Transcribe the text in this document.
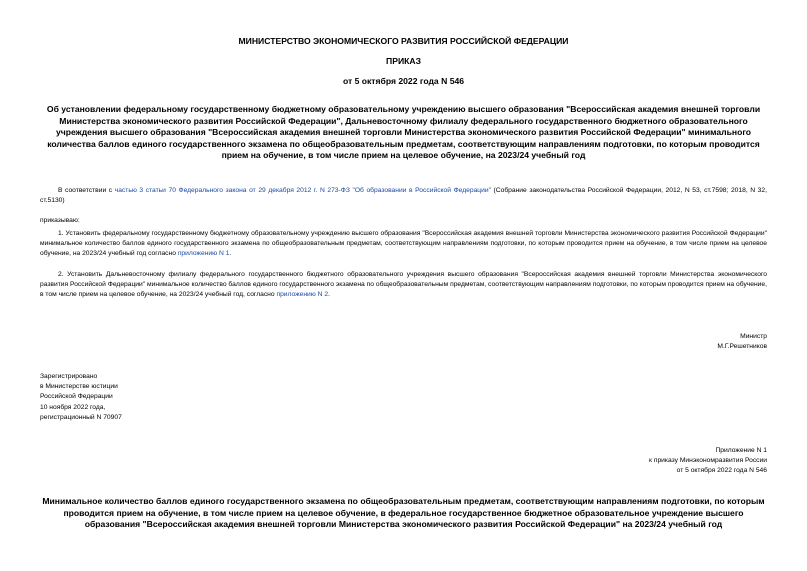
МИНИСТЕРСТВО ЭКОНОМИЧЕСКОГО РАЗВИТИЯ РОССИЙСКОЙ ФЕДЕРАЦИИ

ПРИКАЗ

от 5 октября 2022 года N 546

Об установлении федеральному государственному бюджетному образовательному учреждению высшего образования "Всероссийская академия внешней торговли Министерства экономического развития Российской Федерации", Дальневосточному филиалу федерального государственного бюджетного образовательного учреждения высшего образования "Всероссийская академия внешней торговли Министерства экономического развития Российской Федерации" минимального количества баллов единого государственного экзамена по общеобразовательным предметам, соответствующим направлениям подготовки, по которым проводится прием на обучение, в том числе прием на целевое обучение, на 2023/24 учебный год

В соответствии с частью 3 статьи 70 Федерального закона от 29 декабря 2012 г. N 273-ФЗ "Об образовании в Российской Федерации" (Собрание законодательства Российской Федерации, 2012, N 53, ст.7598; 2018, N 32, ст.5130)

приказываю:

1. Установить федеральному государственному бюджетному образовательному учреждению высшего образования "Всероссийская академия внешней торговли Министерства экономического развития Российской Федерации" минимальное количество баллов единого государственного экзамена по общеобразовательным предметам, соответствующим направлениям подготовки, по которым проводится прием на обучение, в том числе прием на целевое обучение, на 2023/24 учебный год согласно приложению N 1.

2. Установить Дальневосточному филиалу федерального государственного бюджетного образовательного учреждения высшего образования "Всероссийская академия внешней торговли Министерства экономического развития Российской Федерации" минимальное количество баллов единого государственного экзамена по общеобразовательным предметам, соответствующим направлениям подготовки, по которым проводится прием на обучение, в том числе прием на целевое обучение, на 2023/24 учебный год, согласно приложению N 2.

Министр
М.Г.Решетников
Зарегистрировано
в Министерстве юстиции
Российской Федерации
10 ноября 2022 года,
регистрационный N 70907
Приложение N 1
к приказу Минэкономразвития России
от 5 октября 2022 года N 546

Минимальное количество баллов единого государственного экзамена по общеобразовательным предметам, соответствующим направлениям подготовки, по которым проводится прием на обучение, в том числе прием на целевое обучение, в федеральное государственное бюджетное образовательное учреждение высшего образования "Всероссийская академия внешней торговли Министерства экономического развития Российской Федерации" на 2023/24 учебный год
